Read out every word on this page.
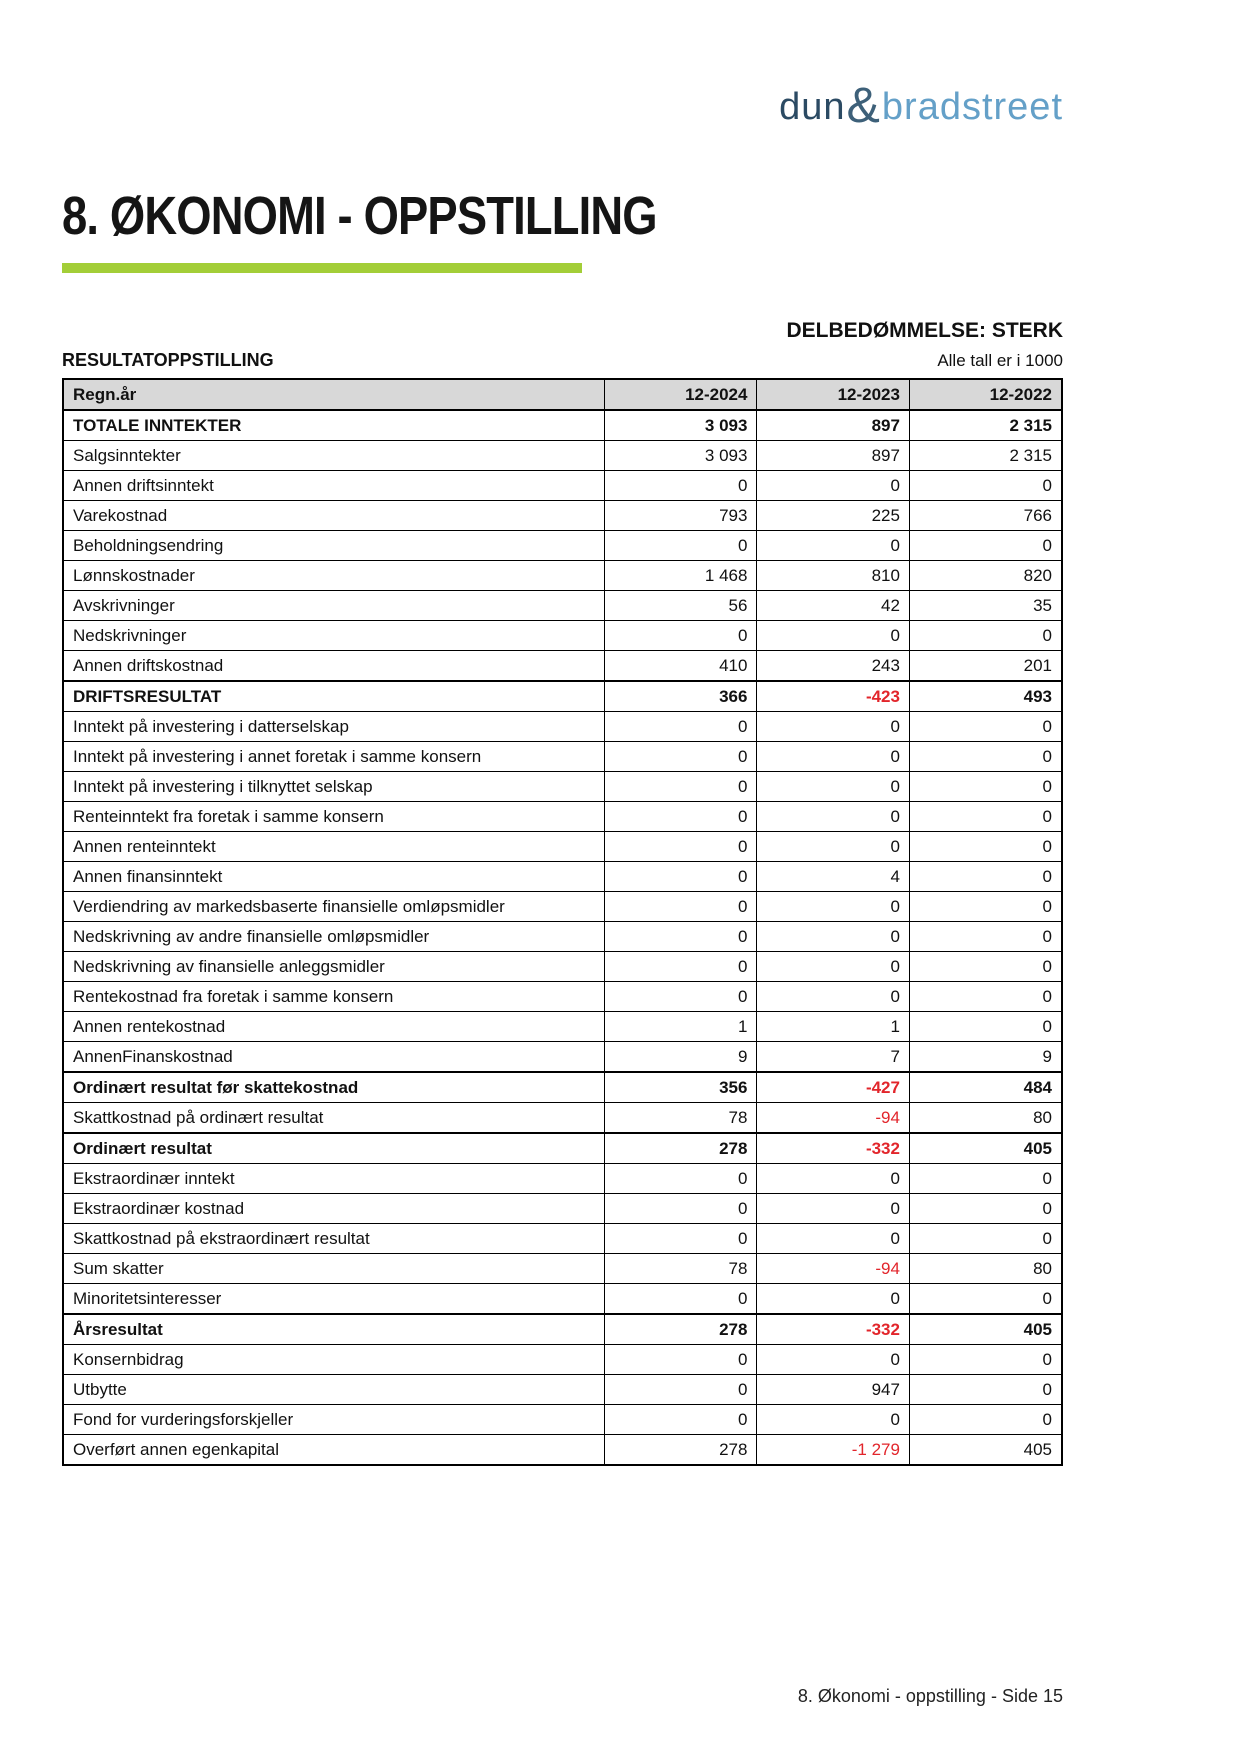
dun&bradstreet
8. ØKONOMI - OPPSTILLING
DELBEDØMMELSE: STERK
RESULTATOPPSTILLING	Alle tall er i 1000
Regn.år	12-2024	12-2023	12-2022
TOTALE INNTEKTER	3 093	897	2 315
Salgsinntekter	3 093	897	2 315
Annen driftsinntekt	0	0	0
Varekostnad	793	225	766
Beholdningsendring	0	0	0
Lønnskostnader	1 468	810	820
Avskrivninger	56	42	35
Nedskrivninger	0	0	0
Annen driftskostnad	410	243	201
DRIFTSRESULTAT	366	-423	493
Inntekt på investering i datterselskap	0	0	0
Inntekt på investering i annet foretak i samme konsern	0	0	0
Inntekt på investering i tilknyttet selskap	0	0	0
Renteinntekt fra foretak i samme konsern	0	0	0
Annen renteinntekt	0	0	0
Annen finansinntekt	0	4	0
Verdiendring av markedsbaserte finansielle omløpsmidler	0	0	0
Nedskrivning av andre finansielle omløpsmidler	0	0	0
Nedskrivning av finansielle anleggsmidler	0	0	0
Rentekostnad fra foretak i samme konsern	0	0	0
Annen rentekostnad	1	1	0
AnnenFinanskostnad	9	7	9
Ordinært resultat før skattekostnad	356	-427	484
Skattkostnad på ordinært resultat	78	-94	80
Ordinært resultat	278	-332	405
Ekstraordinær inntekt	0	0	0
Ekstraordinær kostnad	0	0	0
Skattkostnad på ekstraordinært resultat	0	0	0
Sum skatter	78	-94	80
Minoritetsinteresser	0	0	0
Årsresultat	278	-332	405
Konsernbidrag	0	0	0
Utbytte	0	947	0
Fond for vurderingsforskjeller	0	0	0
Overført annen egenkapital	278	-1 279	405
8. Økonomi - oppstilling - Side 15
